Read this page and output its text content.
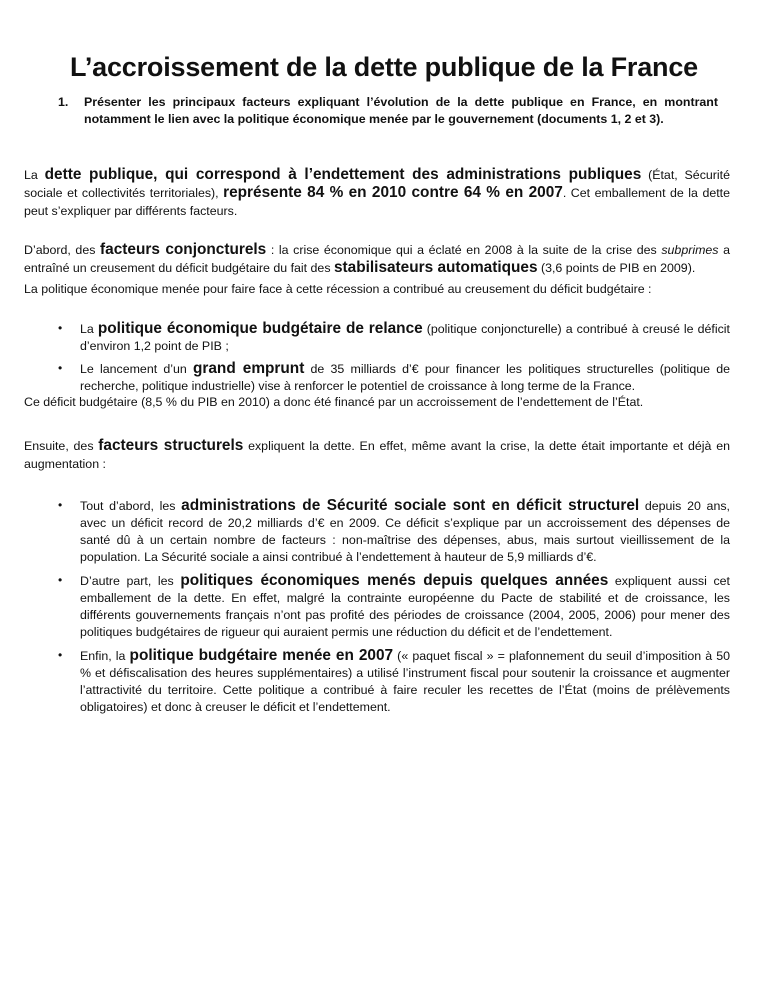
L’accroissement de la dette publique de la France
1.	Présenter les principaux facteurs expliquant l’évolution de la dette publique en France, en montrant notamment le lien avec la politique économique menée par le gouvernement (documents 1, 2 et 3).

La dette publique, qui correspond à l’endettement des administrations publiques (État, Sécurité sociale et collectivités territoriales), représente 84 % en 2010 contre 64 % en 2007. Cet emballement de la dette peut s’expliquer par différents facteurs.

D’abord, des facteurs conjoncturels : la crise économique qui a éclaté en 2008 à la suite de la crise des subprimes a entraîné un creusement du déficit budgétaire du fait des stabilisateurs automatiques (3,6 points de PIB en 2009).

La politique économique menée pour faire face à cette récession a contribué au creusement du déficit budgétaire :

• La politique économique budgétaire de relance (politique conjoncturelle) a contribué à creusé le déficit d’environ 1,2 point de PIB ;
• Le lancement d’un grand emprunt de 35 milliards d’€ pour financer les politiques structurelles (politique de recherche, politique industrielle) vise à renforcer le potentiel de croissance à long terme de la France.

Ce déficit budgétaire (8,5 % du PIB en 2010) a donc été financé par un accroissement de l’endettement de l’État.

Ensuite, des facteurs structurels expliquent la dette. En effet, même avant la crise, la dette était importante et déjà en augmentation :

• Tout d’abord, les administrations de Sécurité sociale sont en déficit structurel depuis 20 ans, avec un déficit record de 20,2 milliards d’€ en 2009. Ce déficit s’explique par un accroissement des dépenses de santé dû à un certain nombre de facteurs : non-maîtrise des dépenses, abus, mais surtout vieillissement de la population. La Sécurité sociale a ainsi contribué à l’endettement à hauteur de 5,9 milliards d’€.
• D’autre part, les politiques économiques menés depuis quelques années expliquent aussi cet emballement de la dette. En effet, malgré la contrainte européenne du Pacte de stabilité et de croissance, les différents gouvernements français n’ont pas profité des périodes de croissance (2004, 2005, 2006) pour mener des politiques budgétaires de rigueur qui auraient permis une réduction du déficit et de l’endettement.
• Enfin, la politique budgétaire menée en 2007 (« paquet fiscal » = plafonnement du seuil d’imposition à 50 % et défiscalisation des heures supplémentaires) a utilisé l’instrument fiscal pour soutenir la croissance et augmenter l’attractivité du territoire. Cette politique a contribué à faire reculer les recettes de l’État (moins de prélèvements obligatoires) et donc à creuser le déficit et l’endettement.
